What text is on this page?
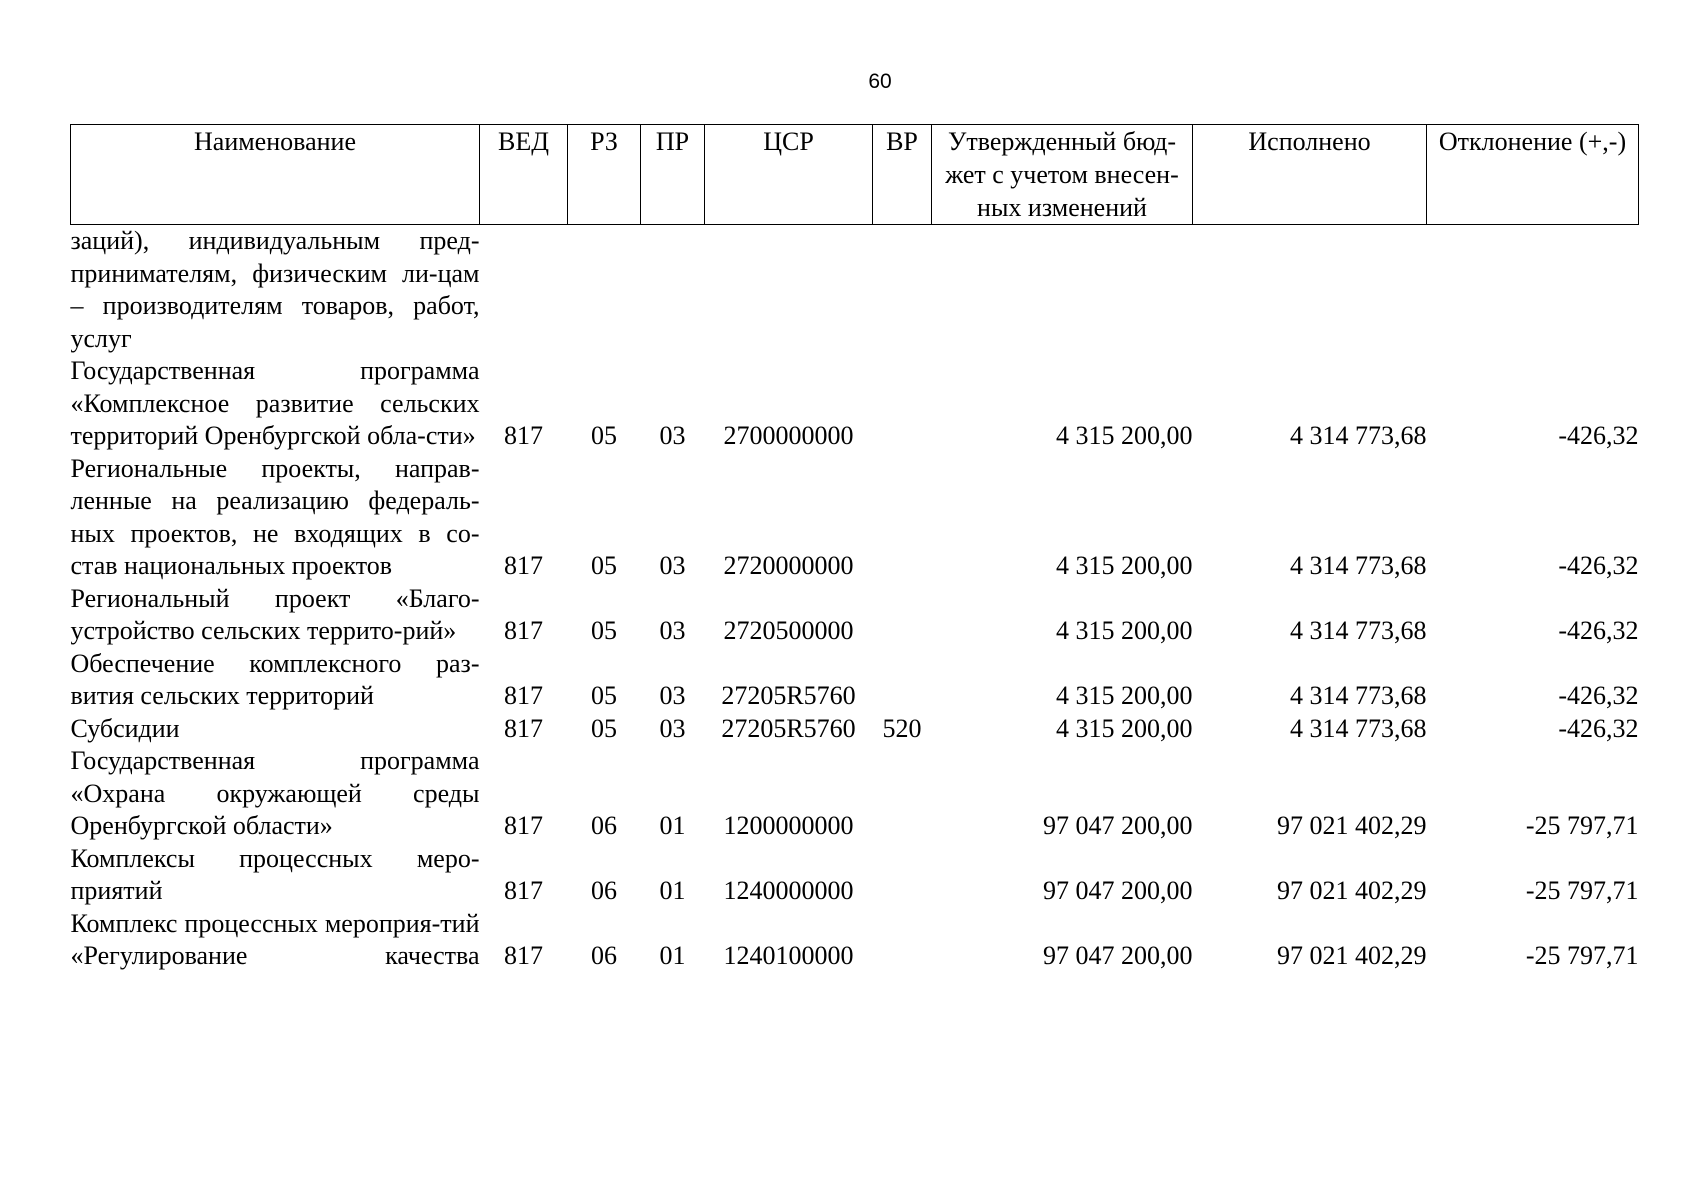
60
Наименование	ВЕД	РЗ	ПР	ЦСР	ВР	Утвержденный бюд-жет с учетом внесен-ных изменений	Исполнено	Отклонение (+,-)
заций), индивидуальным пред-принимателям, физическим ли-цам – производителям товаров, работ, услуг								
Государственная программа «Комплексное развитие сельских территорий Оренбургской обла-сти»	817	05	03	2700000000		4 315 200,00	4 314 773,68	-426,32
Региональные проекты, направ-ленные на реализацию федераль-ных проектов, не входящих в со-став национальных проектов	817	05	03	2720000000		4 315 200,00	4 314 773,68	-426,32
Региональный проект «Благо-устройство сельских террито-рий»	817	05	03	2720500000		4 315 200,00	4 314 773,68	-426,32
Обеспечение комплексного раз-вития сельских территорий	817	05	03	27205R5760		4 315 200,00	4 314 773,68	-426,32
Субсидии	817	05	03	27205R5760	520	4 315 200,00	4 314 773,68	-426,32
Государственная программа «Охрана окружающей среды Оренбургской области»	817	06	01	1200000000		97 047 200,00	97 021 402,29	-25 797,71
Комплексы процессных меро-приятий	817	06	01	1240000000		97 047 200,00	97 021 402,29	-25 797,71
Комплекс процессных мероприя-тий «Регулирование качества	817	06	01	1240100000		97 047 200,00	97 021 402,29	-25 797,71
